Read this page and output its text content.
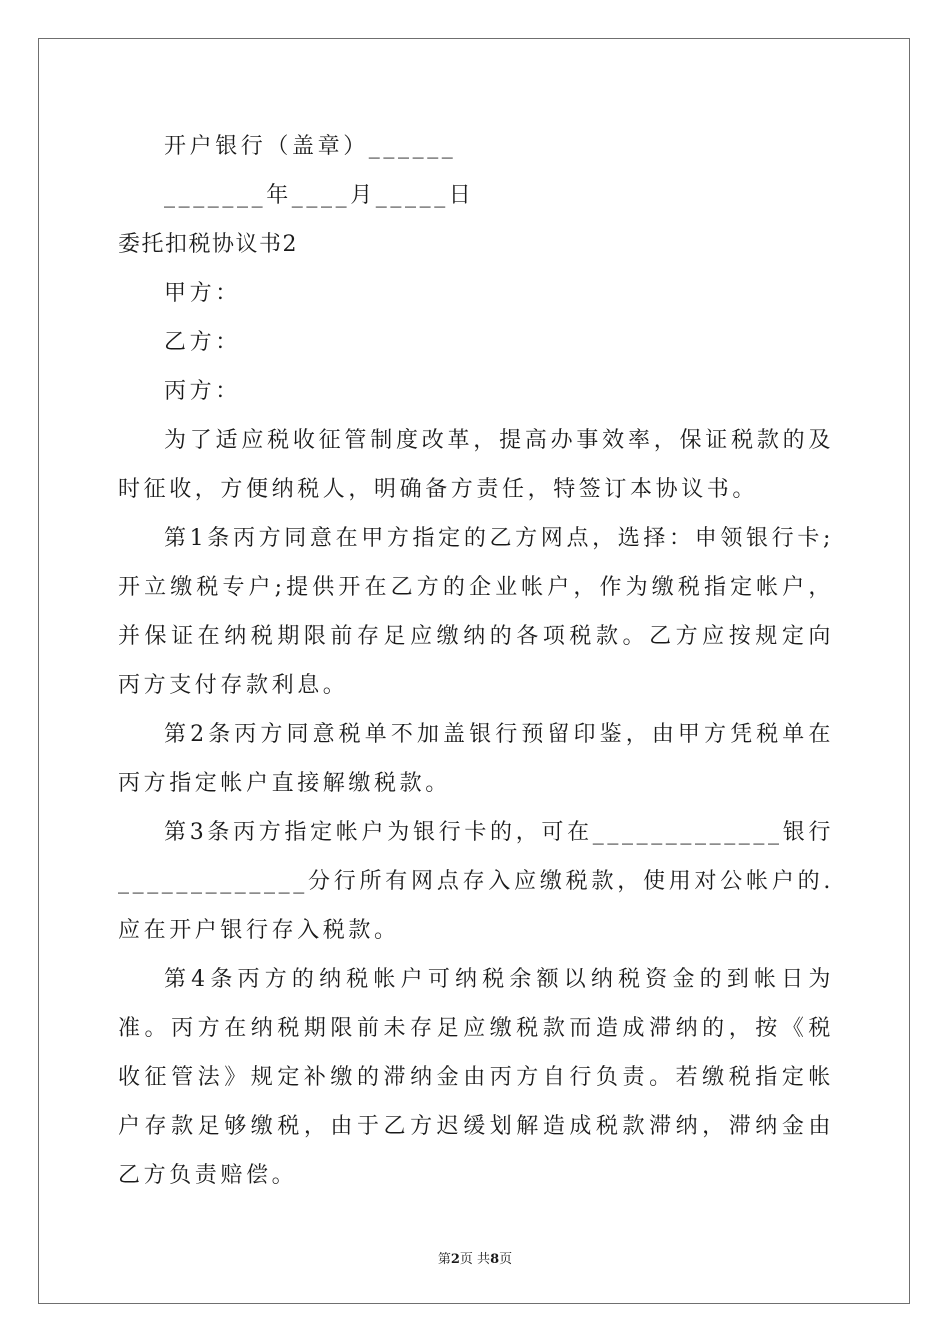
开户银行（盖章）______

_______年____月_____日

委托扣税协议书2

甲方：

乙方：

丙方：

为了适应税收征管制度改革，提高办事效率，保证税款的及时征收，方便纳税人，明确备方责任，特签订本协议书。

第1条丙方同意在甲方指定的乙方网点，选择：申领银行卡;开立缴税专户;提供开在乙方的企业帐户，作为缴税指定帐户，并保证在纳税期限前存足应缴纳的各项税款。乙方应按规定向丙方支付存款利息。

第2条丙方同意税单不加盖银行预留印鉴，由甲方凭税单在丙方指定帐户直接解缴税款。

第3条丙方指定帐户为银行卡的，可在_____________银行_____________分行所有网点存入应缴税款，使用对公帐户的.应在开户银行存入税款。

第4条丙方的纳税帐户可纳税余额以纳税资金的到帐日为准。丙方在纳税期限前未存足应缴税款而造成滞纳的，按《税收征管法》规定补缴的滞纳金由丙方自行负责。若缴税指定帐户存款足够缴税，由于乙方迟缓划解造成税款滞纳，滞纳金由乙方负责赔偿。

第2页 共8页
